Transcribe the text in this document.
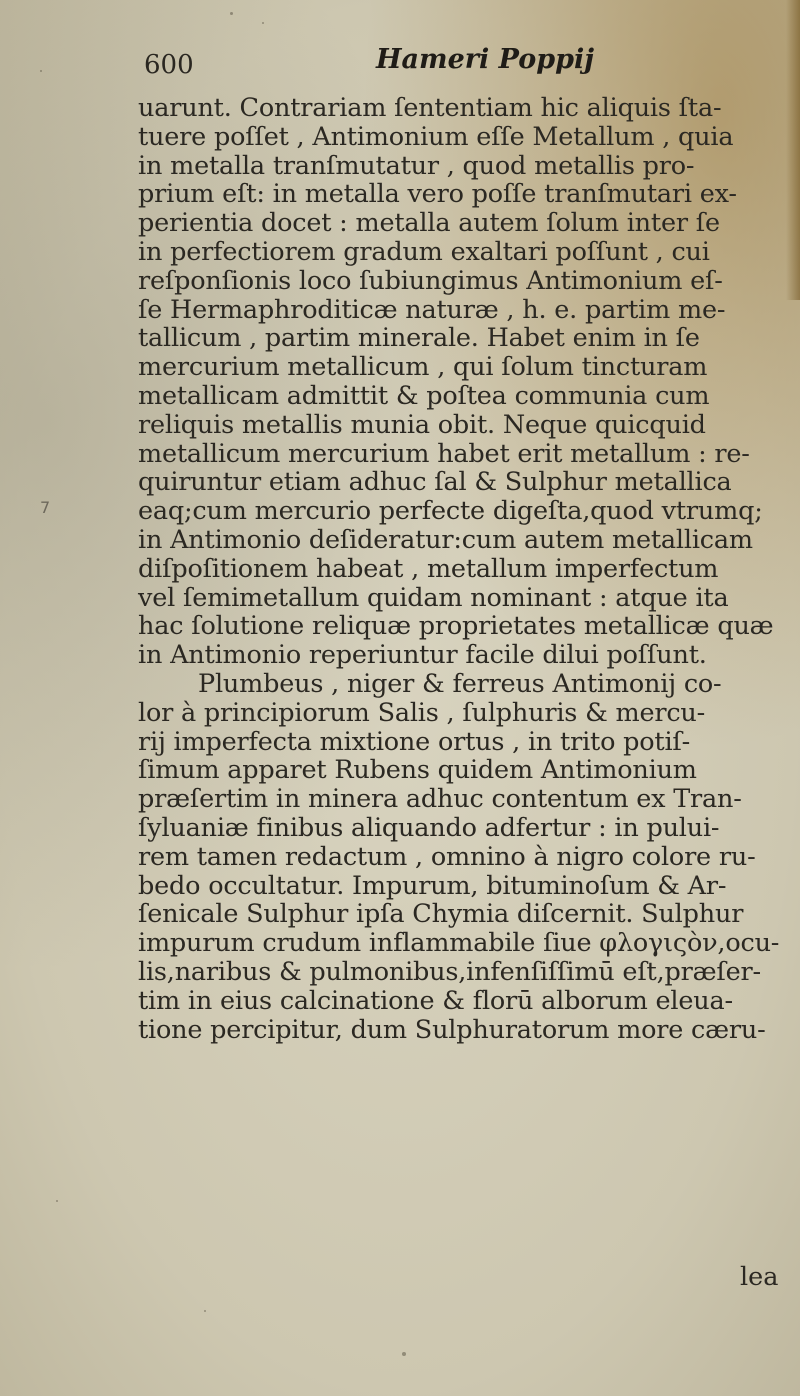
600	Hameri Poppij
7
uarunt. Contrariam ſententiam hic aliquis ſta-
tuere poſſet , Antimonium eſſe Metallum , quia
in metalla tranſmutatur , quod metallis pro-
prium eſt: in metalla vero poſſe tranſmutari ex-
perientia docet : metalla autem ſolum inter ſe
in perfectiorem gradum exaltari poſſunt , cui
reſponſionis loco ſubiungimus Antimonium eſ-
ſe Hermaphroditicæ naturæ , h. e. partim me-
tallicum , partim minerale. Habet enim in ſe
mercurium metallicum , qui ſolum tincturam
metallicam admittit & poſtea communia cum
reliquis metallis munia obit. Neque quicquid
metallicum mercurium habet erit metallum : re-
quiruntur etiam adhuc ſal & Sulphur metallica
eaq;cum mercurio perfecte digeſta,quod vtrumq;
in Antimonio deſideratur:cum autem metallicam
diſpoſitionem habeat , metallum imperfectum
vel ſemimetallum quidam nominant : atque ita
hac ſolutione reliquæ proprietates metallicæ quæ
in Antimonio reperiuntur facile dilui poſſunt.
Plumbeus , niger & ferreus Antimonij co-
lor à principiorum Salis , ſulphuris & mercu-
rij imperfecta mixtione ortus , in trito potiſ-
ſimum apparet Rubens quidem Antimonium
præſertim in minera adhuc contentum ex Tran-
ſyluaniæ finibus aliquando adfertur : in pului-
rem tamen redactum , omnino à nigro colore ru-
bedo occultatur. Impurum, bituminoſum & Ar-
ſenicale Sulphur ipſa Chymia diſcernit. Sulphur
impurum crudum inflammabile ſiue φλογιςὸν,ocu-
lis,naribus & pulmonibus,infenſiſſimū eſt,præſer-
tim in eius calcinatione & florū alborum eleua-
tione percipitur, dum Sulphuratorum more cæru-
lea
